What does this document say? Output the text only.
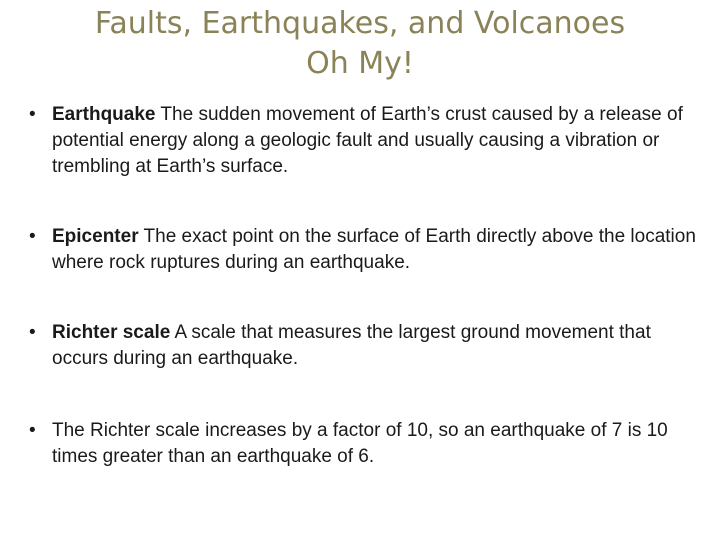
Faults, Earthquakes, and Volcanoes
Oh My!
• Earthquake The sudden movement of Earth’s crust caused by a release of potential energy along a geologic fault and usually causing a vibration or trembling at Earth’s surface.
• Epicenter The exact point on the surface of Earth directly above the location where rock ruptures during an earthquake.
• Richter scale A scale that measures the largest ground movement that occurs during an earthquake.
• The Richter scale increases by a factor of 10, so an earthquake of 7 is 10 times greater than an earthquake of 6.
